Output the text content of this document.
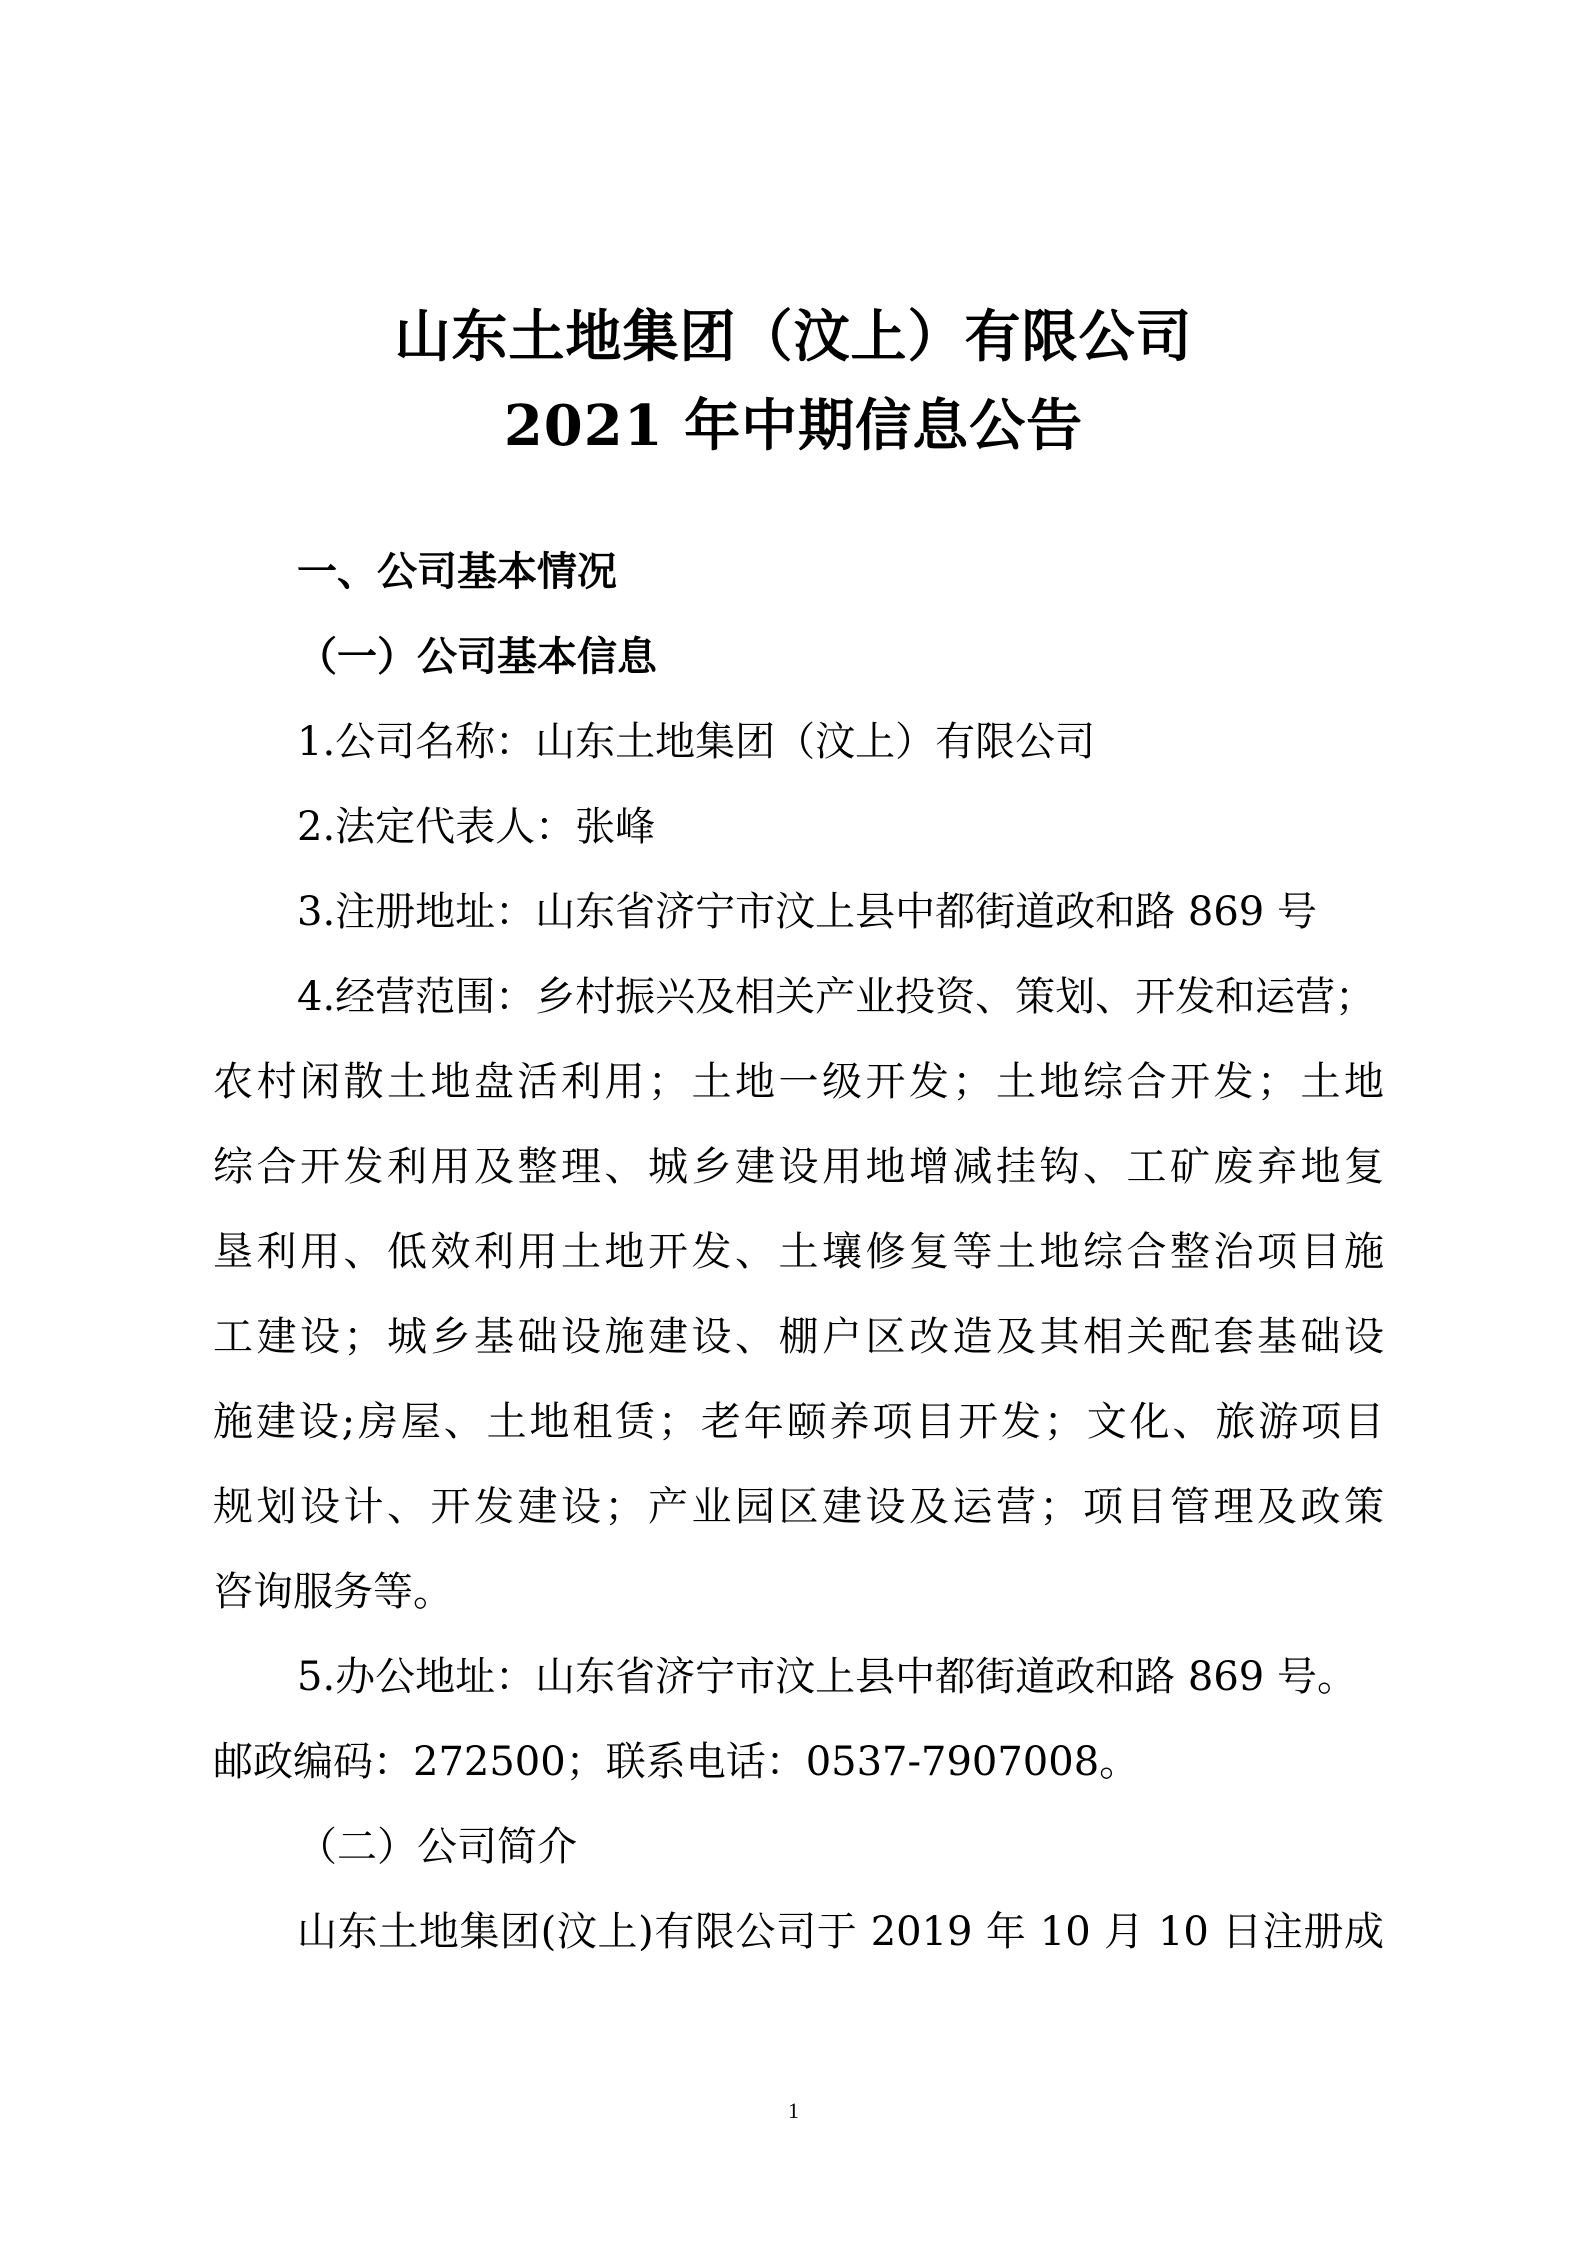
山东土地集团（汶上）有限公司
2021 年中期信息公告
一、公司基本情况
（一）公司基本信息
1.公司名称：山东土地集团（汶上）有限公司
2.法定代表人：张峰
3.注册地址：山东省济宁市汶上县中都街道政和路 869 号
4.经营范围：乡村振兴及相关产业投资、策划、开发和运营；
农村闲散土地盘活利用；土地一级开发；土地综合开发；土地
综合开发利用及整理、城乡建设用地增减挂钩、工矿废弃地复
垦利用、低效利用土地开发、土壤修复等土地综合整治项目施
工建设；城乡基础设施建设、棚户区改造及其相关配套基础设
施建设;房屋、土地租赁；老年颐养项目开发；文化、旅游项目
规划设计、开发建设；产业园区建设及运营；项目管理及政策
咨询服务等。
5.办公地址：山东省济宁市汶上县中都街道政和路 869 号。
邮政编码：272500；联系电话：0537-7907008。
（二）公司简介
山东土地集团(汶上)有限公司于 2019 年 10 月 10 日注册成
1
